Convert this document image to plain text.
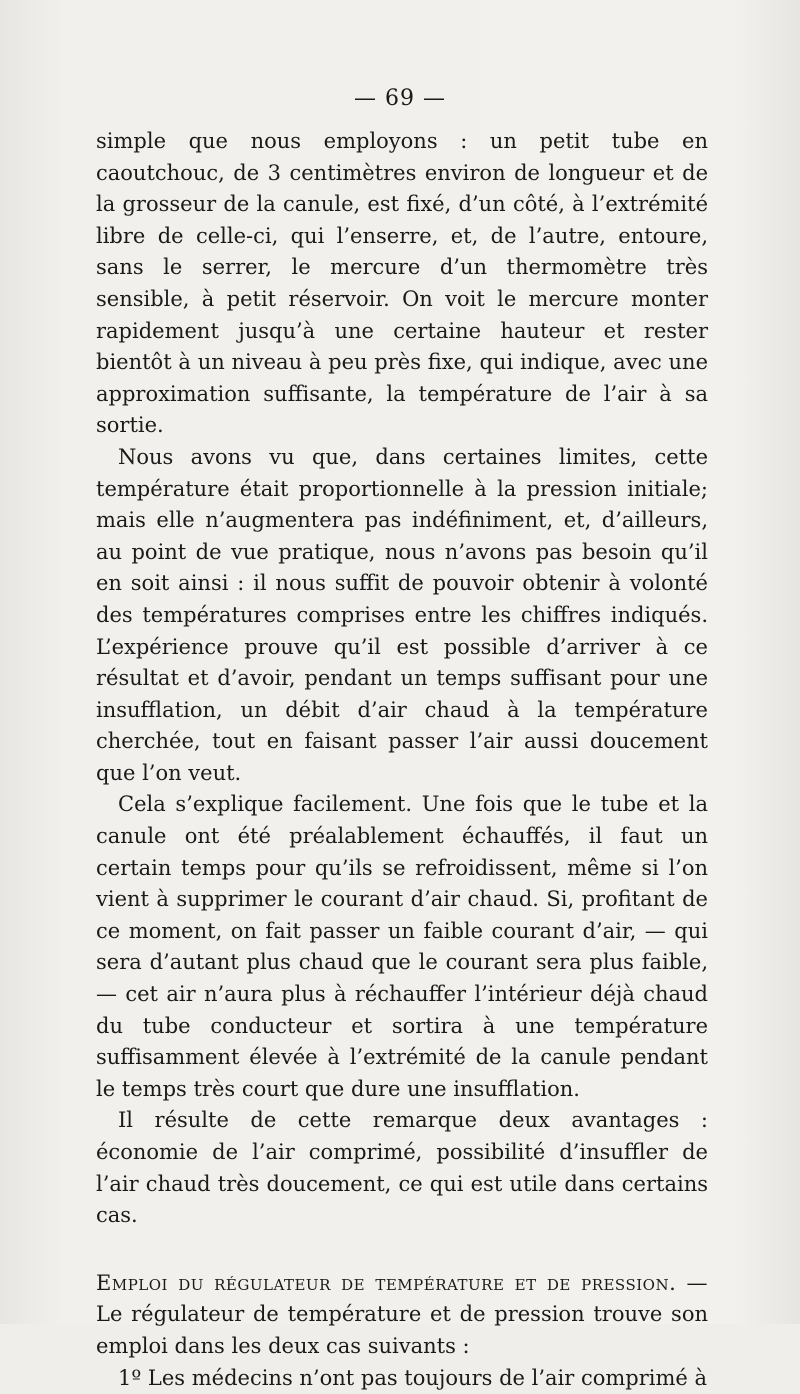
— 69 —

simple que nous employons : un petit tube en caoutchouc, de 3 centimètres environ de longueur et de la grosseur de la canule, est fixé, d’un côté, à l’extrémité libre de celle-ci, qui l’enserre, et, de l’autre, entoure, sans le serrer, le mercure d’un thermomètre très sensible, à petit réservoir. On voit le mercure monter rapidement jusqu’à une certaine hauteur et rester bientôt à un niveau à peu près fixe, qui indique, avec une approximation suffisante, la température de l’air à sa sortie.

Nous avons vu que, dans certaines limites, cette température était proportionnelle à la pression initiale; mais elle n’augmentera pas indéfiniment, et, d’ailleurs, au point de vue pratique, nous n’avons pas besoin qu’il en soit ainsi : il nous suffit de pouvoir obtenir à volonté des températures comprises entre les chiffres indiqués. L’expérience prouve qu’il est possible d’arriver à ce résultat et d’avoir, pendant un temps suffisant pour une insufflation, un débit d’air chaud à la température cherchée, tout en faisant passer l’air aussi doucement que l’on veut.

Cela s’explique facilement. Une fois que le tube et la canule ont été préalablement échauffés, il faut un certain temps pour qu’ils se refroidissent, même si l’on vient à supprimer le courant d’air chaud. Si, profitant de ce moment, on fait passer un faible courant d’air, — qui sera d’autant plus chaud que le courant sera plus faible, — cet air n’aura plus à réchauffer l’intérieur déjà chaud du tube conducteur et sortira à une température suffisamment élevée à l’extrémité de la canule pendant le temps très court que dure une insufflation.

Il résulte de cette remarque deux avantages : économie de l’air comprimé, possibilité d’insuffler de l’air chaud très doucement, ce qui est utile dans certains cas.

Emploi du régulateur de température et de pression. — Le régulateur de température et de pression trouve son emploi dans les deux cas suivants :

1º Les médecins n’ont pas toujours de l’air comprimé à
